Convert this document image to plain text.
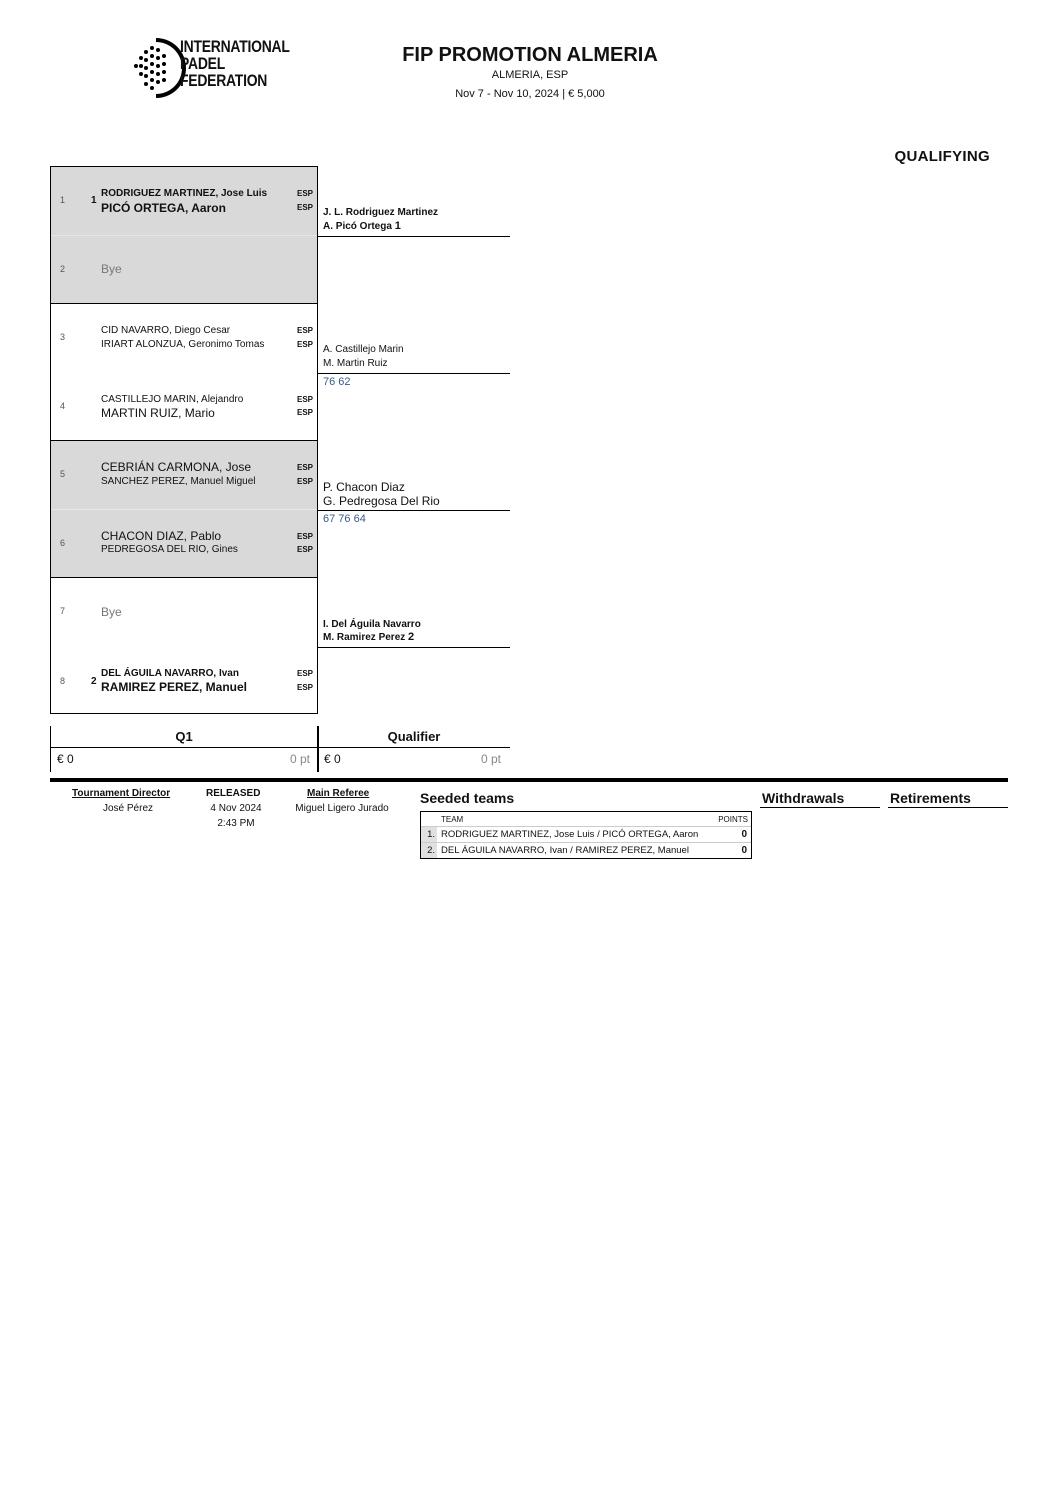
INTERNATIONAL
PADEL
FEDERATION
FIP PROMOTION ALMERIA
ALMERIA, ESP
Nov 7 - Nov 10, 2024 | € 5,000
QUALIFYING
1	1
RODRIGUEZ MARTINEZ, Jose Luis
PICÓ ORTEGA, Aaron
ESP
ESP
2	Bye
3
CID NAVARRO, Diego Cesar
IRIART ALONZUA, Geronimo Tomas
ESP
ESP
4
CASTILLEJO MARIN, Alejandro
MARTIN RUIZ, Mario
ESP
ESP
5	CEBRIÁN CARMONA, Jose
SANCHEZ PEREZ, Manuel Miguel
ESP
ESP
6	CHACON DIAZ, Pablo
PEDREGOSA DEL RIO, Gines
ESP
ESP
7	Bye
8	2
DEL ÁGUILA NAVARRO, Ivan
RAMIREZ PEREZ, Manuel
ESP
ESP
J. L. Rodriguez Martinez
A. Picó Ortega 1
A. Castillejo Marin
M. Martin Ruiz
76 62
P. Chacon Diaz
G. Pedregosa Del Rio
67 76 64
I. Del Águila Navarro
M. Ramirez Perez 2
Q1	Qualifier
€ 0	0 pt € 0	0 pt
Tournament Director
José Pérez
RELEASED
4 Nov 2024
2:43 PM
Main Referee
Miguel Ligero Jurado
Seeded teams
TEAM	POINTS
1. RODRIGUEZ MARTINEZ, Jose Luis / PICÓ ORTEGA, Aaron	0
2. DEL ÁGUILA NAVARRO, Ivan / RAMIREZ PEREZ, Manuel	0
Withdrawals	Retirements
